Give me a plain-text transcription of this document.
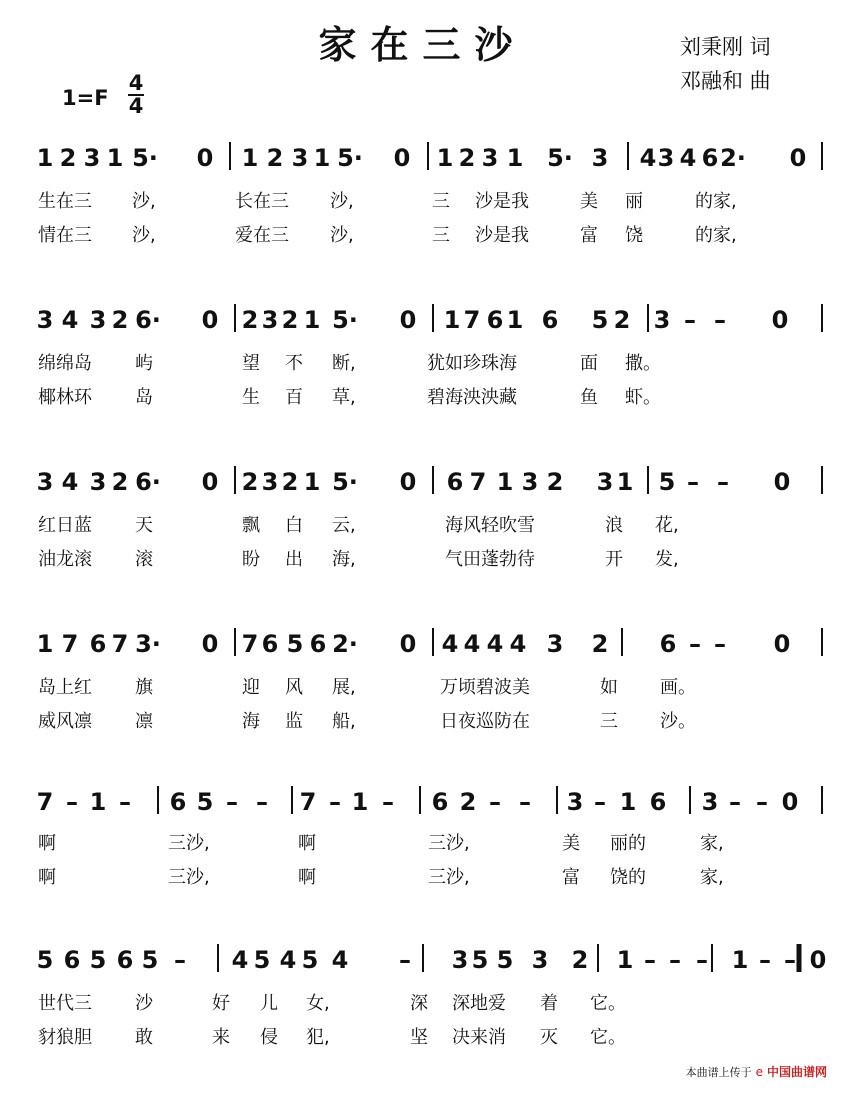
家在三沙	刘秉刚 词
邓融和 曲
1=F
4
4
1 2 3 1 5· 0 1 2 3 1 5· 0 1 2 3 1 5· 3 4 3 4 6 2· 0
生在三 沙,	长在三 沙,	三 沙是我	美 丽	的家,
情在三 沙,	爱在三 沙,	三 沙是我	富 饶	的家,
3 4 3 2 6· 0 2 3 2 1 5· 0 1 7 6 1 6 5 2 3 – – 0
绵绵岛 屿	望 不 断,	犹如珍珠海	面 撒。
椰林环 岛	生 百 草,	碧海泱泱藏	鱼 虾。
3 4 3 2 6· 0 2 3 2 1 5· 0 6 7 1 3 2 3 1 5 – – 0
红日蓝 天	飘 白 云,	海风轻吹雪	浪 花,
油龙滚 滚	盼 出 海,	气田蓬勃待	开 发,
1 7 6 7 3· 0 7 6 5 6 2· 0 4 4 4 4 3 2 6 – – 0
岛上红 旗	迎 风 展,	万顷碧波美	如 画。
威风凛 凛	海 监 船,	日夜巡防在	三 沙。
7 – 1 – 6 5 – – 7 – 1 – 6 2 – – 3 – 1 6 3 – – 0
啊	三沙,	啊	三沙,	美 丽的	家,
啊	三沙,	啊	三沙,	富 饶的	家,
5 6 5 6 5 – 4 5 4 5 4 – 3 5 5 3 2 1 – – – 1 – – 0
世代三 沙	好 儿 女,	深 深地爱 着 它。
豺狼胆 敢	来 侵 犯,	坚 决来消 灭 它。
本曲谱上传于 e 中国曲谱网
